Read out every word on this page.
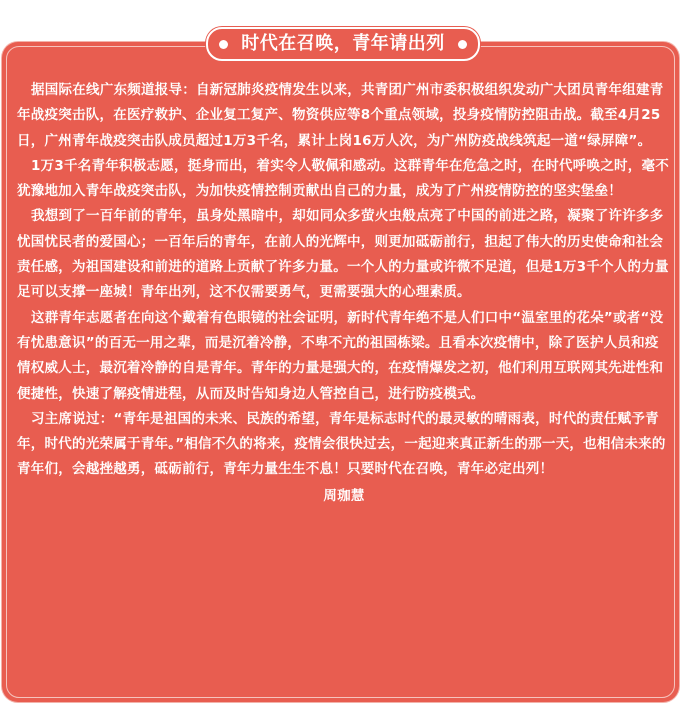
时代在召唤，青年请出列

据国际在线广东频道报导：自新冠肺炎疫情发生以来，共青团广州市委积极组织发动广大团员青年组建青年战疫突击队，在医疗救护、企业复工复产、物资供应等8个重点领域，投身疫情防控阻击战。截至4月25日，广州青年战疫突击队成员超过1万3千名，累计上岗16万人次，为广州防疫战线筑起一道“绿屏障”。

1万3千名青年积极志愿，挺身而出，着实令人敬佩和感动。这群青年在危急之时，在时代呼唤之时，毫不犹豫地加入青年战疫突击队，为加快疫情控制贡献出自己的力量，成为了广州疫情防控的坚实堡垒！

我想到了一百年前的青年，虽身处黑暗中，却如同众多萤火虫般点亮了中国的前进之路，凝聚了许许多多忧国忧民者的爱国心；一百年后的青年，在前人的光辉中，则更加砥砺前行，担起了伟大的历史使命和社会责任感，为祖国建设和前进的道路上贡献了许多力量。一个人的力量或许微不足道，但是1万3千个人的力量足可以支撑一座城！青年出列，这不仅需要勇气，更需要强大的心理素质。

这群青年志愿者在向这个戴着有色眼镜的社会证明，新时代青年绝不是人们口中“温室里的花朵”或者“没有忧患意识”的百无一用之辈，而是沉着冷静，不卑不亢的祖国栋梁。且看本次疫情中，除了医护人员和疫情权威人士，最沉着冷静的自是青年。青年的力量是强大的，在疫情爆发之初，他们利用互联网其先进性和便捷性，快速了解疫情进程，从而及时告知身边人管控自己，进行防疫模式。

习主席说过：“青年是祖国的未来、民族的希望，青年是标志时代的最灵敏的晴雨表，时代的责任赋予青年，时代的光荣属于青年。”相信不久的将来，疫情会很快过去，一起迎来真正新生的那一天，也相信未来的青年们，会越挫越勇，砥砺前行，青年力量生生不息！只要时代在召唤，青年必定出列！

周珈慧
